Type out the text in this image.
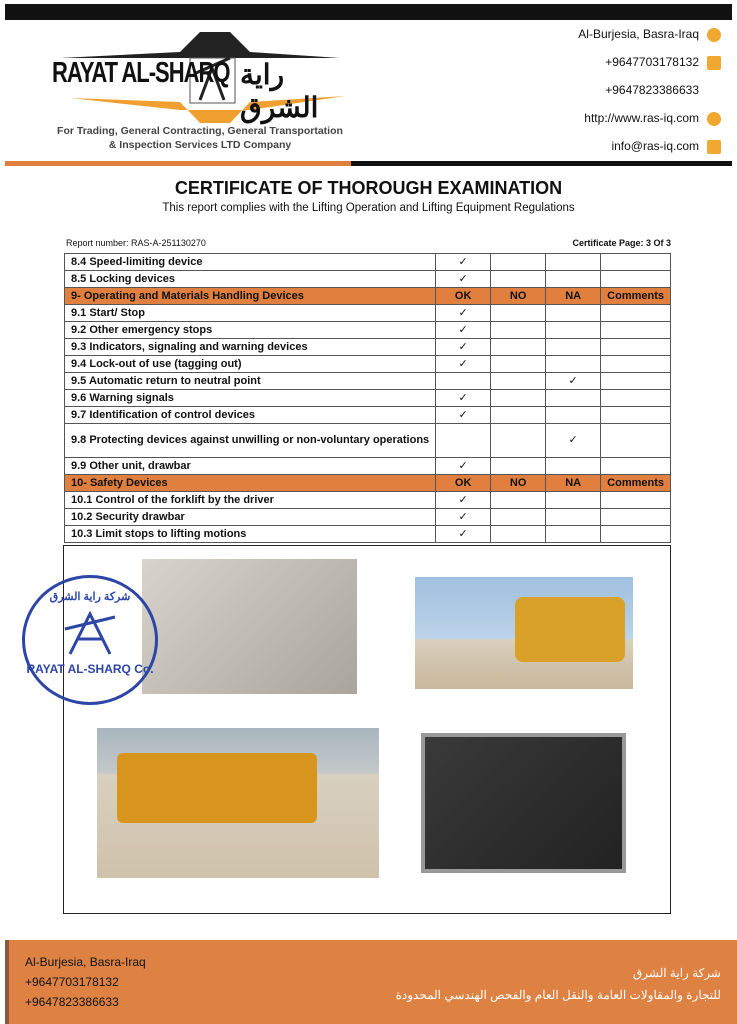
RAYAT AL-SHARQ راية الشرق
For Trading, General Contracting, General Transportation
& Inspection Services LTD Company
Al-Burjesia, Basra-Iraq
+9647703178132
+9647823386633
http://www.ras-iq.com
info@ras-iq.com
CERTIFICATE OF THOROUGH EXAMINATION
This report complies with the Lifting Operation and Lifting Equipment Regulations
Report number: RAS-A-251130270	Certificate Page: 3 Of 3
8.4 Speed-limiting device	✓			
8.5 Locking devices	✓			
9- Operating and Materials Handling Devices	OK	NO	NA	Comments
9.1 Start/ Stop	✓			
9.2 Other emergency stops	✓			
9.3 Indicators, signaling and warning devices	✓			
9.4 Lock-out of use (tagging out)	✓			
9.5 Automatic return to neutral point			✓	
9.6 Warning signals	✓			
9.7 Identification of control devices	✓			
9.8 Protecting devices against unwilling or non-voluntary operations			✓	
9.9 Other unit, drawbar	✓			
10- Safety Devices	OK	NO	NA	Comments
10.1 Control of the forklift by the driver	✓			
10.2 Security drawbar	✓			
10.3 Limit stops to lifting motions	✓			
شركة راية الشرق
RAYAT AL-SHARQ Co.
Al-Burjesia, Basra-Iraq
+9647703178132
+9647823386633
شركة راية الشرق
للتجارة والمقاولات العامة والنقل العام والفحص الهندسي المحدودة
